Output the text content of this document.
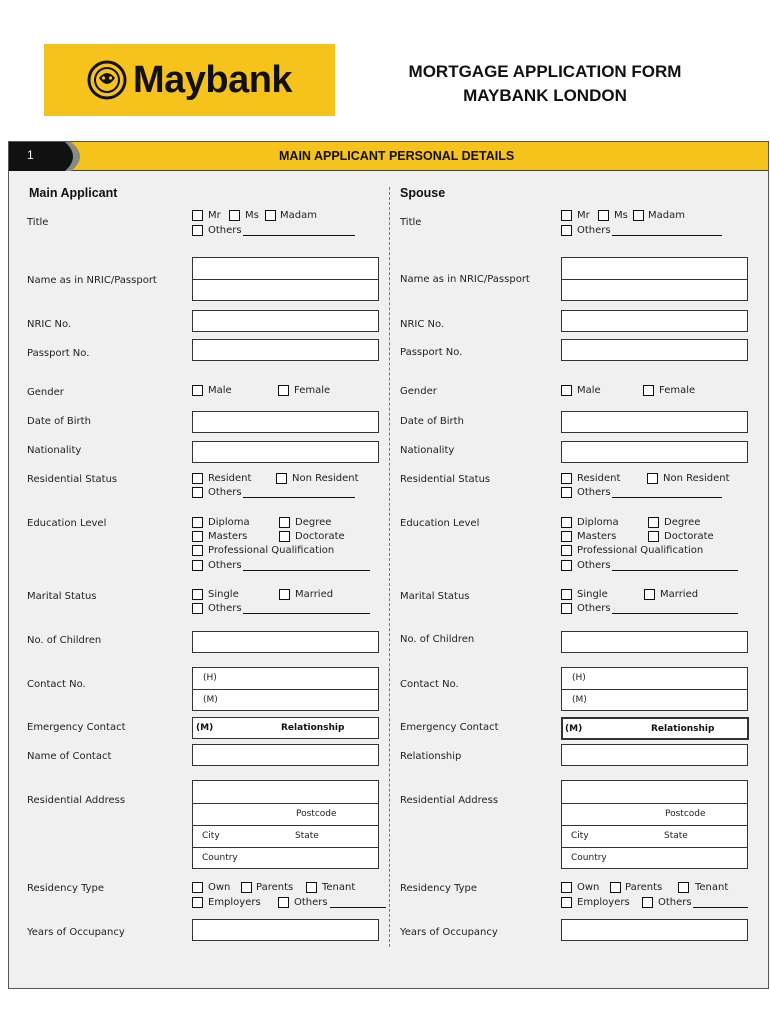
Maybank	MORTGAGE APPLICATION FORM
MAYBANK LONDON
1	MAIN APPLICANT PERSONAL DETAILS
Main Applicant	Spouse
Title
Mr Ms Madam
Others
Name as in NRIC/Passport
NRIC No.
Passport No.
Gender	Male	Female
Date of Birth
Nationality
Residential Status	Resident	Non Resident
Others
Education Level	Diploma	Degree
Masters	Doctorate
Professional Qualification
Others
Marital Status	Single	Married
Others
No. of Children
Contact No.
(H)
(M)
Emergency Contact	(M)	Relationship
Name of Contact
Residential Address
Postcode
City	State
Country
Residency Type	Own	Parents	Tenant
Employers	Others
Years of Occupancy
Title
Mr Ms Madam
Others
Name as in NRIC/Passport
NRIC No.
Passport No.
Gender	Male	Female
Date of Birth
Nationality
Residential Status	Resident	Non Resident
Others
Education Level	Diploma	Degree
Masters	Doctorate
Professional Qualification
Others
Marital Status	Single	Married
Others
No. of Children
Contact No.
(H)
(M)
Emergency Contact	(M)	Relationship
Relationship
Residential Address
Postcode
City	State
Country
Residency Type	Own	Parents	Tenant
Employers	Others
Years of Occupancy
